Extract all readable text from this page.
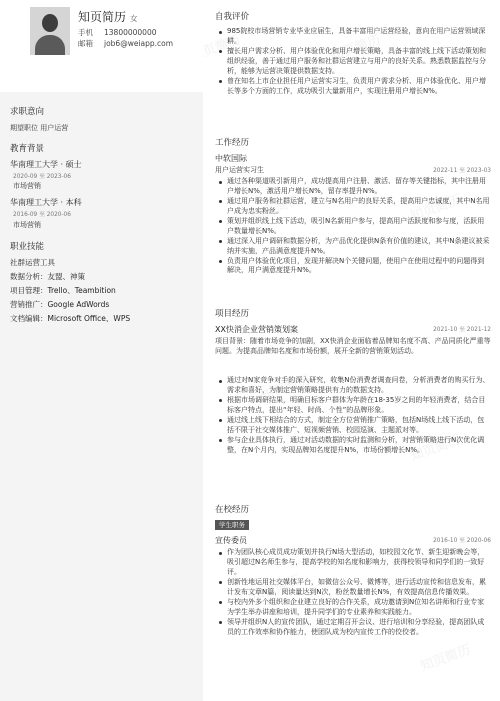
知页简历 女
手机 13800000000
邮箱 job6@weiapp.com
求职意向
期望职位 用户运营
教育背景
华南理工大学 · 硕士
2020-09 至 2023-06
市场营销
华南理工大学 · 本科
2016-09 至 2020-06
市场营销
职业技能
社群运营工具
数据分析：友盟、神策
项目管理：Trello、Teambition
营销推广：Google AdWords
文档编辑：Microsoft Office、WPS
自我评价
985院校市场营销专业毕业应届生，具备丰富用户运营经验，意向在用户运营领域深耕。
擅长用户需求分析、用户体验优化和用户增长策略，具备丰富的线上线下活动策划和组织经验，善于通过用户服务和社群运营建立与用户的良好关系。熟悉数据监控与分析，能够为运营决策提供数据支持。
曾在知名上市企业担任用户运营实习生，负责用户需求分析、用户体验优化、用户增长等多个方面的工作，成功吸引大量新用户，实现注册用户增长N%。
工作经历
中软国际
用户运营实习生	2022-11 至 2023-03
通过各种渠道吸引新用户，成功提高用户注册、激活、留存等关键指标，其中注册用户增长N%，激活用户增长N%，留存率提升N%。
通过用户服务和社群运营，建立与N名用户的良好关系，提高用户忠诚度，其中N名用户成为忠实粉丝。
策划并组织线上线下活动，吸引N名新用户参与，提高用户活跃度和参与度，活跃用户数量增长N%。
通过深入用户调研和数据分析，为产品优化提供N条有价值的建议，其中N条建议被采纳并实施，产品满意度提升N%。
负责用户体验优化项目，发现并解决N个关键问题，使用户在使用过程中的问题得到解决，用户满意度提升N%。
项目经历
XX快消企业营销策划案	2021-10 至 2021-12
项目背景：随着市场竞争的加剧，XX快消企业面临着品牌知名度不高、产品同质化严重等问题。为提高品牌知名度和市场份额，展开全新的营销策划活动。
通过对N家竞争对手的深入研究，收集N份消费者调查问卷，分析消费者的购买行为、需求和喜好，为制定营销策略提供有力的数据支持。
根据市场调研结果，明确目标客户群体为年龄在18-35岁之间的年轻消费者，结合目标客户特点，提出“年轻、时尚、个性”的品牌形象。
通过线上线下相结合的方式，制定全方位营销推广策略，包括N场线上线下活动，包括不限于社交媒体推广、短视频营销、校园巡演、主题派对等。
参与企业具体执行，通过对活动数据的实时监测和分析，对营销策略进行N次优化调整，在N个月内，实现品牌知名度提升N%，市场份额增长N%。
在校经历
学生职务
宣传委员	2016-10 至 2020-06
作为团队核心成员成功策划并执行N场大型活动，如校园文化节、新生迎新晚会等，吸引超过N名师生参与，提高学校的知名度和影响力，获得校领导和同学们的一致好评。
创新性地运用社交媒体平台，如微信公众号、微博等，进行活动宣传和信息发布，累计发布文章N篇，阅读量达到N次，粉丝数量增长N%，有效提高信息传播效果。
与校内外多个组织和企业建立良好的合作关系，成功邀请到N位知名讲师和行业专家为学生举办讲座和培训，提升同学们的专业素养和实践能力。
领导并组织N人的宣传团队，通过定期召开会议、进行培训和分享经验，提高团队成员的工作效率和协作能力，使团队成为校内宣传工作的佼佼者。
